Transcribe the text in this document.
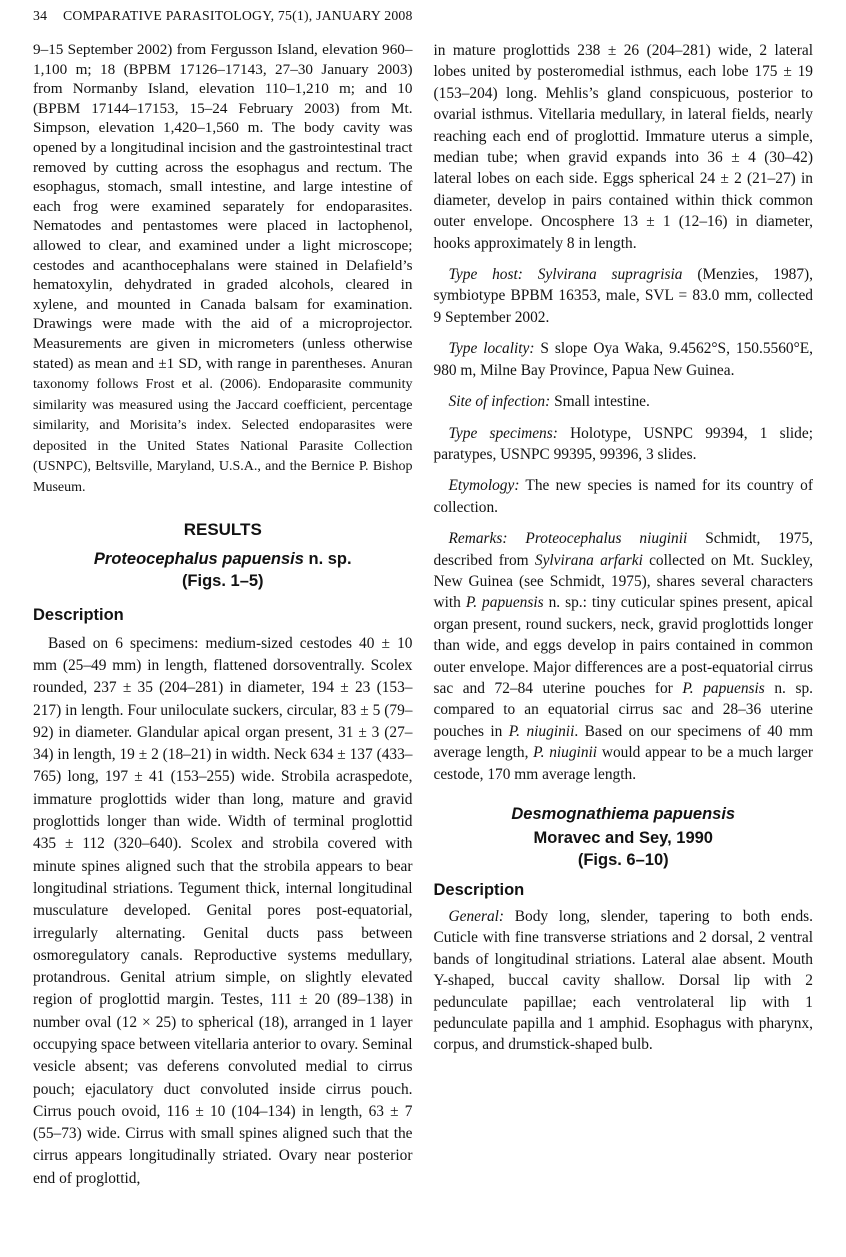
34	COMPARATIVE PARASITOLOGY, 75(1), JANUARY 2008

9–15 September 2002) from Fergusson Island, elevation 960–1,100 m; 18 (BPBM 17126–17143, 27–30 January 2003) from Normanby Island, elevation 110–1,210 m; and 10 (BPBM 17144–17153, 15–24 February 2003) from Mt. Simpson, elevation 1,420–1,560 m. The body cavity was opened by a longitudinal incision and the gastrointestinal tract removed by cutting across the esophagus and rectum. The esophagus, stomach, small intestine, and large intestine of each frog were examined separately for endoparasites. Nematodes and pentastomes were placed in lactophenol, allowed to clear, and examined under a light microscope; cestodes and acanthocephalans were stained in Delafield’s hematoxylin, dehydrated in graded alcohols, cleared in xylene, and mounted in Canada balsam for examination. Drawings were made with the aid of a microprojector. Measurements are given in micrometers (unless otherwise stated) as mean and ±1 SD, with range in parentheses. Anuran taxonomy follows Frost et al. (2006). Endoparasite community similarity was measured using the Jaccard coefficient, percentage similarity, and Morisita’s index. Selected endoparasites were deposited in the United States National Parasite Collection (USNPC), Beltsville, Maryland, U.S.A., and the Bernice P. Bishop Museum.

RESULTS
Proteocephalus papuensis n. sp.
(Figs. 1–5)
Description

Based on 6 specimens: medium-sized cestodes 40 ± 10 mm (25–49 mm) in length, flattened dorsoventrally. Scolex rounded, 237 ± 35 (204–281) in diameter, 194 ± 23 (153–217) in length. Four uniloculate suckers, circular, 83 ± 5 (79–92) in diameter. Glandular apical organ present, 31 ± 3 (27–34) in length, 19 ± 2 (18–21) in width. Neck 634 ± 137 (433–765) long, 197 ± 41 (153–255) wide. Strobila acraspedote, immature proglottids wider than long, mature and gravid proglottids longer than wide. Width of terminal proglottid 435 ± 112 (320–640). Scolex and strobila covered with minute spines aligned such that the strobila appears to bear longitudinal striations. Tegument thick, internal longitudinal musculature developed. Genital pores post-equatorial, irregularly alternating. Genital ducts pass between osmoregulatory canals. Reproductive systems medullary, protandrous. Genital atrium simple, on slightly elevated region of proglottid margin. Testes, 111 ± 20 (89–138) in number oval (12 × 25) to spherical (18), arranged in 1 layer occupying space between vitellaria anterior to ovary. Seminal vesicle absent; vas deferens convoluted medial to cirrus pouch; ejaculatory duct convoluted inside cirrus pouch. Cirrus pouch ovoid, 116 ± 10 (104–134) in length, 63 ± 7 (55–73) wide. Cirrus with small spines aligned such that the cirrus appears longitudinally striated. Ovary near posterior end of proglottid,

in mature proglottids 238 ± 26 (204–281) wide, 2 lateral lobes united by posteromedial isthmus, each lobe 175 ± 19 (153–204) long. Mehlis’s gland conspicuous, posterior to ovarial isthmus. Vitellaria medullary, in lateral fields, nearly reaching each end of proglottid. Immature uterus a simple, median tube; when gravid expands into 36 ± 4 (30–42) lateral lobes on each side. Eggs spherical 24 ± 2 (21–27) in diameter, develop in pairs contained within thick common outer envelope. Oncosphere 13 ± 1 (12–16) in diameter, hooks approximately 8 in length.

Type host: Sylvirana supragrisia (Menzies, 1987), symbiotype BPBM 16353, male, SVL = 83.0 mm, collected 9 September 2002.

Type locality: S slope Oya Waka, 9.4562°S, 150.5560°E, 980 m, Milne Bay Province, Papua New Guinea.

Site of infection: Small intestine.

Type specimens: Holotype, USNPC 99394, 1 slide; paratypes, USNPC 99395, 99396, 3 slides.

Etymology: The new species is named for its country of collection.

Remarks: Proteocephalus niuginii Schmidt, 1975, described from Sylvirana arfarki collected on Mt. Suckley, New Guinea (see Schmidt, 1975), shares several characters with P. papuensis n. sp.: tiny cuticular spines present, apical organ present, round suckers, neck, gravid proglottids longer than wide, and eggs develop in pairs contained in common outer envelope. Major differences are a post-equatorial cirrus sac and 72–84 uterine pouches for P. papuensis n. sp. compared to an equatorial cirrus sac and 28–36 uterine pouches in P. niuginii. Based on our specimens of 40 mm average length, P. niuginii would appear to be a much larger cestode, 170 mm average length.

Desmognathiema papuensis
Moravec and Sey, 1990
(Figs. 6–10)
Description

General: Body long, slender, tapering to both ends. Cuticle with fine transverse striations and 2 dorsal, 2 ventral bands of longitudinal striations. Lateral alae absent. Mouth Y-shaped, buccal cavity shallow. Dorsal lip with 2 pedunculate papillae; each ventrolateral lip with 1 pedunculate papilla and 1 amphid. Esophagus with pharynx, corpus, and drumstick-shaped bulb.
